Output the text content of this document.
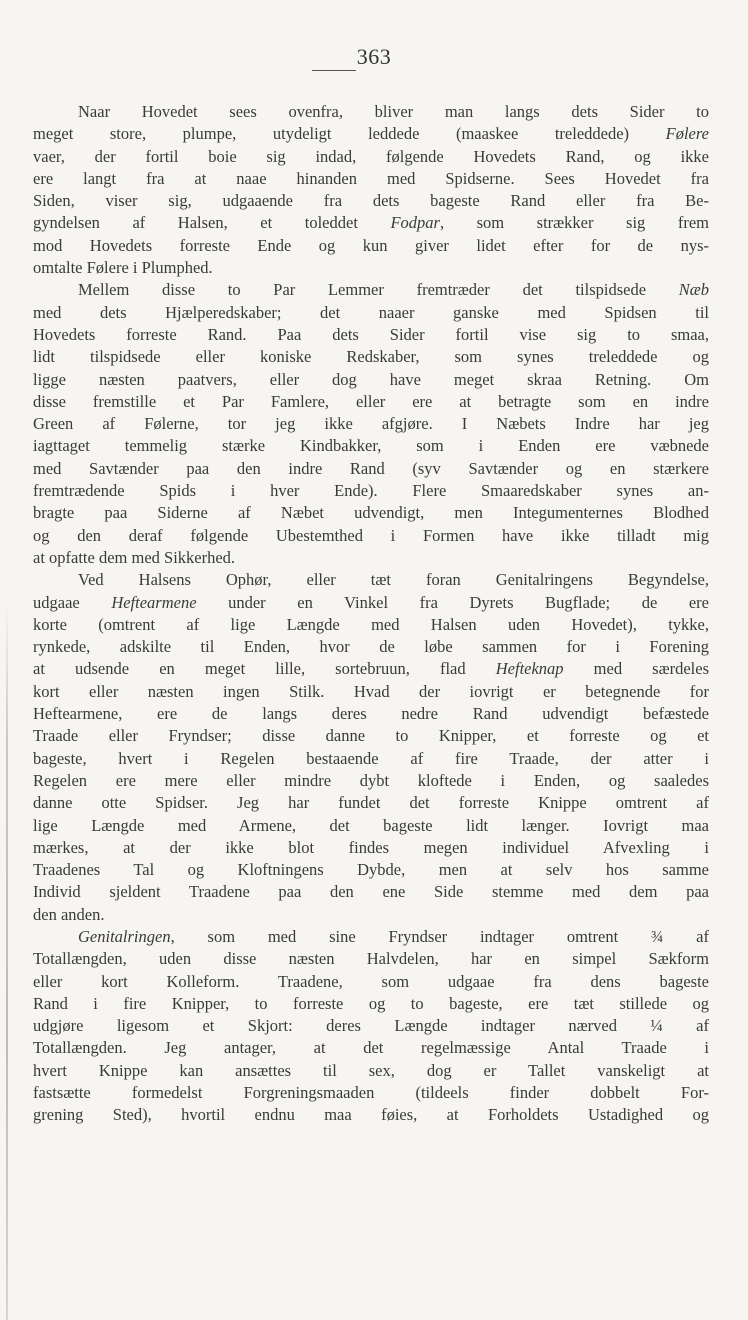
363
Naar Hovedet sees ovenfra, bliver man langs dets Sider to
meget store, plumpe, utydeligt leddede (maaskee treleddede) Følere
vaer, der fortil boie sig indad, følgende Hovedets Rand, og ikke
ere langt fra at naae hinanden med Spidserne. Sees Hovedet fra
Siden, viser sig, udgaaende fra dets bageste Rand eller fra Be-
gyndelsen af Halsen, et toleddet Fodpar, som strækker sig frem
mod Hovedets forreste Ende og kun giver lidet efter for de nys-
omtalte Følere i Plumphed.
Mellem disse to Par Lemmer fremtræder det tilspidsede Næb
med dets Hjælperedskaber; det naaer ganske med Spidsen til
Hovedets forreste Rand. Paa dets Sider fortil vise sig to smaa,
lidt tilspidsede eller koniske Redskaber, som synes treleddede og
ligge næsten paatvers, eller dog have meget skraa Retning. Om
disse fremstille et Par Famlere, eller ere at betragte som en indre
Green af Følerne, tor jeg ikke afgjøre. I Næbets Indre har jeg
iagttaget temmelig stærke Kindbakker, som i Enden ere væbnede
med Savtænder paa den indre Rand (syv Savtænder og en stærkere
fremtrædende Spids i hver Ende). Flere Smaaredskaber synes an-
bragte paa Siderne af Næbet udvendigt, men Integumenternes Blodhed
og den deraf følgende Ubestemthed i Formen have ikke tilladt mig
at opfatte dem med Sikkerhed.
Ved Halsens Ophør, eller tæt foran Genitalringens Begyndelse,
udgaae Heftearmene under en Vinkel fra Dyrets Bugflade; de ere
korte (omtrent af lige Længde med Halsen uden Hovedet), tykke,
rynkede, adskilte til Enden, hvor de løbe sammen for i Forening
at udsende en meget lille, sortebruun, flad Hefteknap med særdeles
kort eller næsten ingen Stilk. Hvad der iovrigt er betegnende for
Heftearmene, ere de langs deres nedre Rand udvendigt befæstede
Traade eller Fryndser; disse danne to Knipper, et forreste og et
bageste, hvert i Regelen bestaaende af fire Traade, der atter i
Regelen ere mere eller mindre dybt kloftede i Enden, og saaledes
danne otte Spidser. Jeg har fundet det forreste Knippe omtrent af
lige Længde med Armene, det bageste lidt længer. Iovrigt maa
mærkes, at der ikke blot findes megen individuel Afvexling i
Traadenes Tal og Kloftningens Dybde, men at selv hos samme
Individ sjeldent Traadene paa den ene Side stemme med dem paa
den anden.
Genitalringen, som med sine Fryndser indtager omtrent ¾ af
Totallængden, uden disse næsten Halvdelen, har en simpel Sækform
eller kort Kolleform. Traadene, som udgaae fra dens bageste
Rand i fire Knipper, to forreste og to bageste, ere tæt stillede og
udgjøre ligesom et Skjort: deres Længde indtager nærved ¼ af
Totallængden. Jeg antager, at det regelmæssige Antal Traade i
hvert Knippe kan ansættes til sex, dog er Tallet vanskeligt at
fastsætte formedelst Forgreningsmaaden (tildeels finder dobbelt For-
grening Sted), hvortil endnu maa føies, at Forholdets Ustadighed og
